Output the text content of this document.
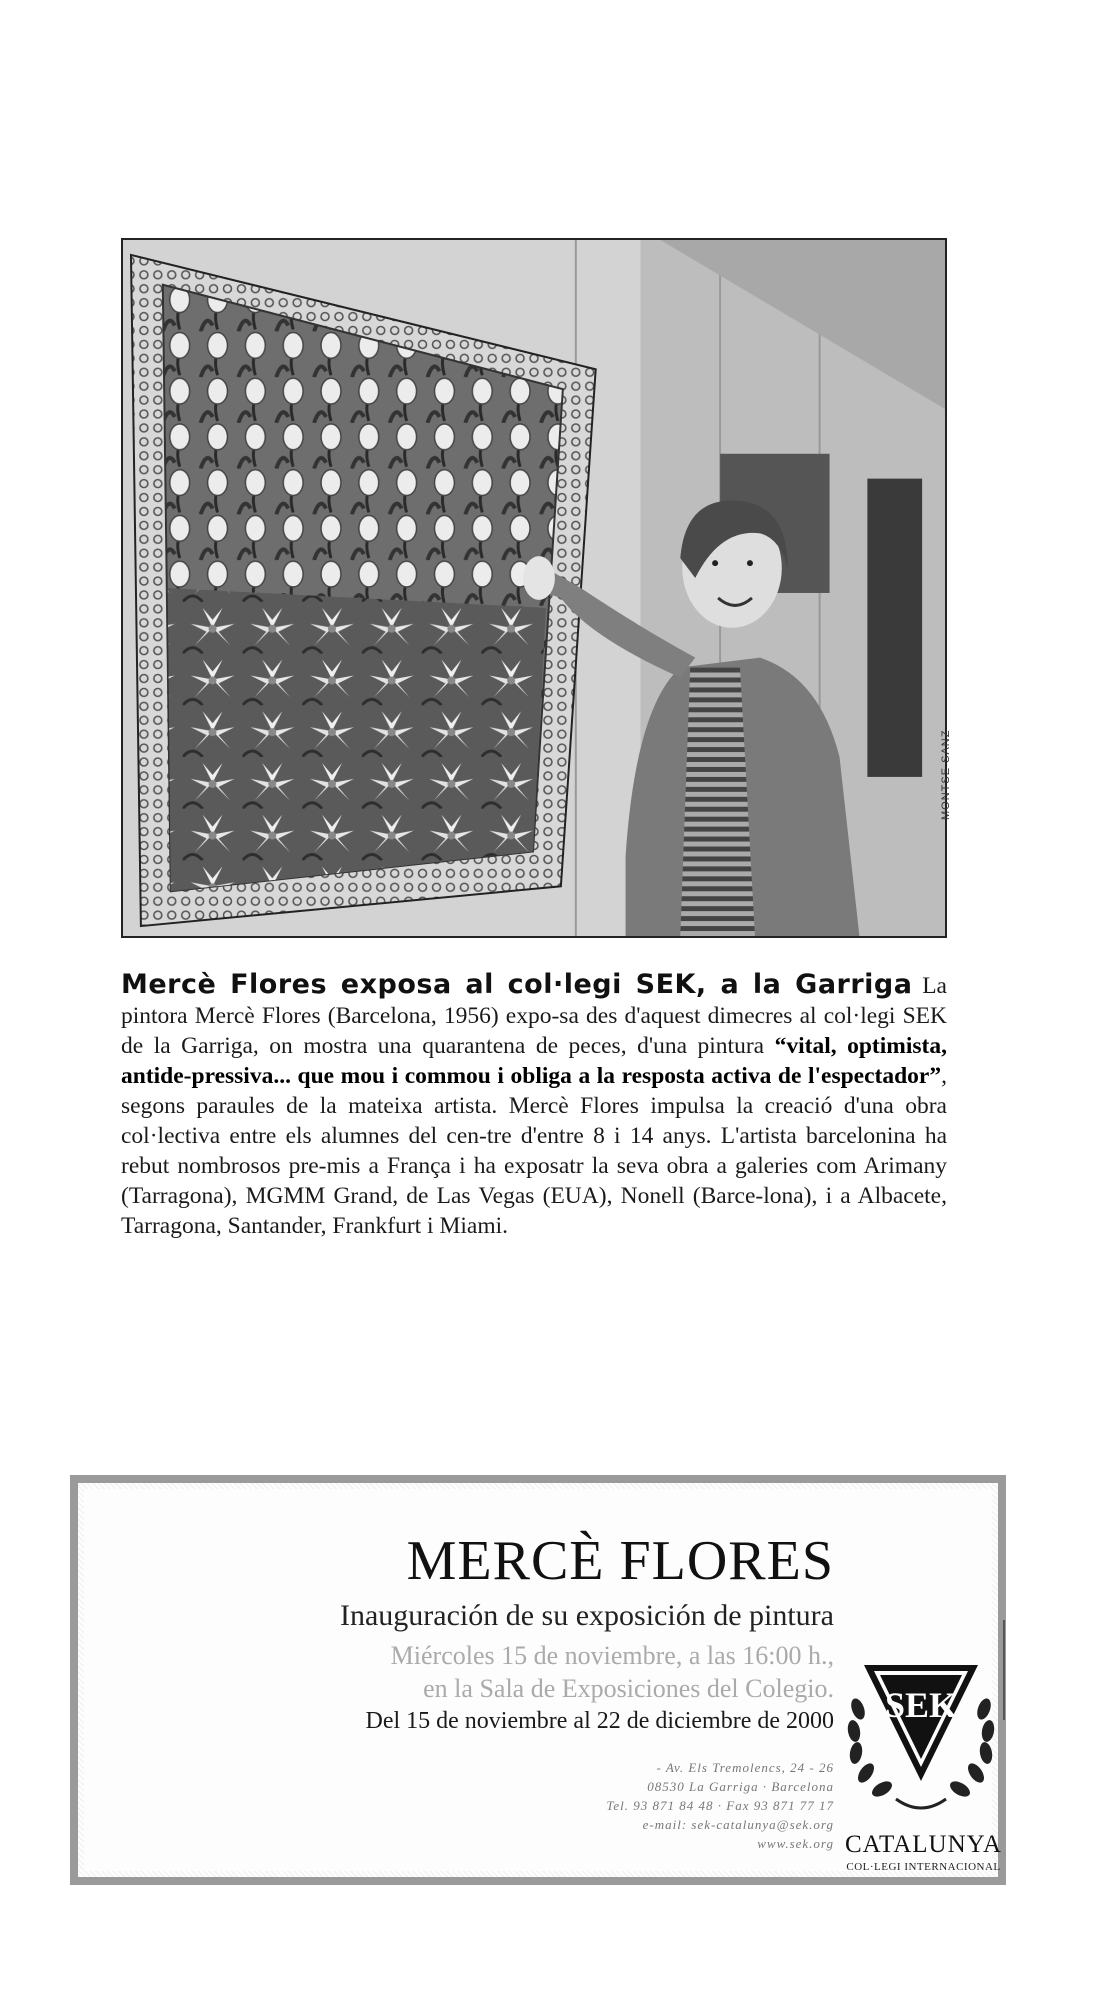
MONTSE SANZ
Mercè Flores exposa al col·legi SEK, a la Garriga La pintora Mercè Flores (Barcelona, 1956) expo-sa des d'aquest dimecres al col·legi SEK de la Garriga, on mostra una quarantena de peces, d'una pintura “vital, optimista, antide-pressiva... que mou i commou i obliga a la resposta activa de l'espectador”, segons paraules de la mateixa artista. Mercè Flores impulsa la creació d'una obra col·lectiva entre els alumnes del cen-tre d'entre 8 i 14 anys. L'artista barcelonina ha rebut nombrosos pre-mis a França i ha exposatr la seva obra a galeries com Arimany (Tarragona), MGMM Grand, de Las Vegas (EUA), Nonell (Barce-lona), i a Albacete, Tarragona, Santander, Frankfurt i Miami.
MERCÈ FLORES
Inauguración de su exposición de pintura
Miércoles 15 de noviembre, a las 16:00 h.,
en la Sala de Exposiciones del Colegio.
Del 15 de noviembre al 22 de diciembre de 2000
- Av. Els Tremolencs, 24 - 26
08530 La Garriga · Barcelona
Tel. 93 871 84 48 · Fax 93 871 77 17
e-mail: sek-catalunya@sek.org
www.sek.org
SEK
CATALUNYA
COL·LEGI INTERNACIONAL
